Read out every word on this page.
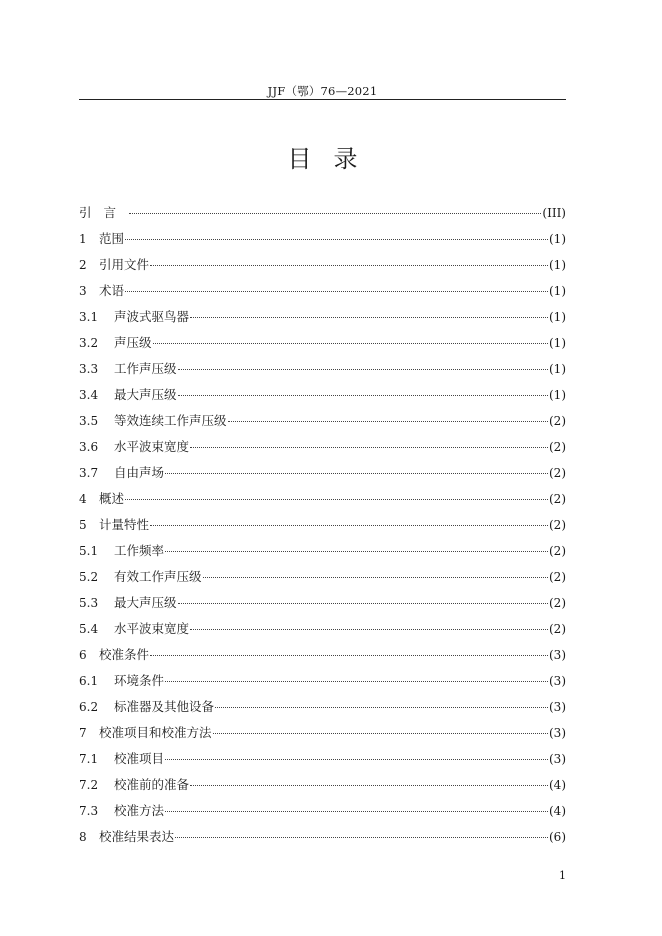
JJF（鄂）76—2021
目录
引言	(III)
1 范围	(1)
2 引用文件	(1)
3 术语	(1)
3.1	声波式驱鸟器	(1)
3.2	声压级	(1)
3.3	工作声压级	(1)
3.4	最大声压级	(1)
3.5	等效连续工作声压级	(2)
3.6	水平波束宽度	(2)
3.7	自由声场	(2)
4 概述	(2)
5 计量特性	(2)
5.1	工作频率	(2)
5.2	有效工作声压级	(2)
5.3	最大声压级	(2)
5.4	水平波束宽度	(2)
6 校准条件	(3)
6.1	环境条件	(3)
6.2	标准器及其他设备	(3)
7 校准项目和校准方法	(3)
7.1	校准项目	(3)
7.2	校准前的准备	(4)
7.3	校准方法	(4)
8 校准结果表达	(6)
1
